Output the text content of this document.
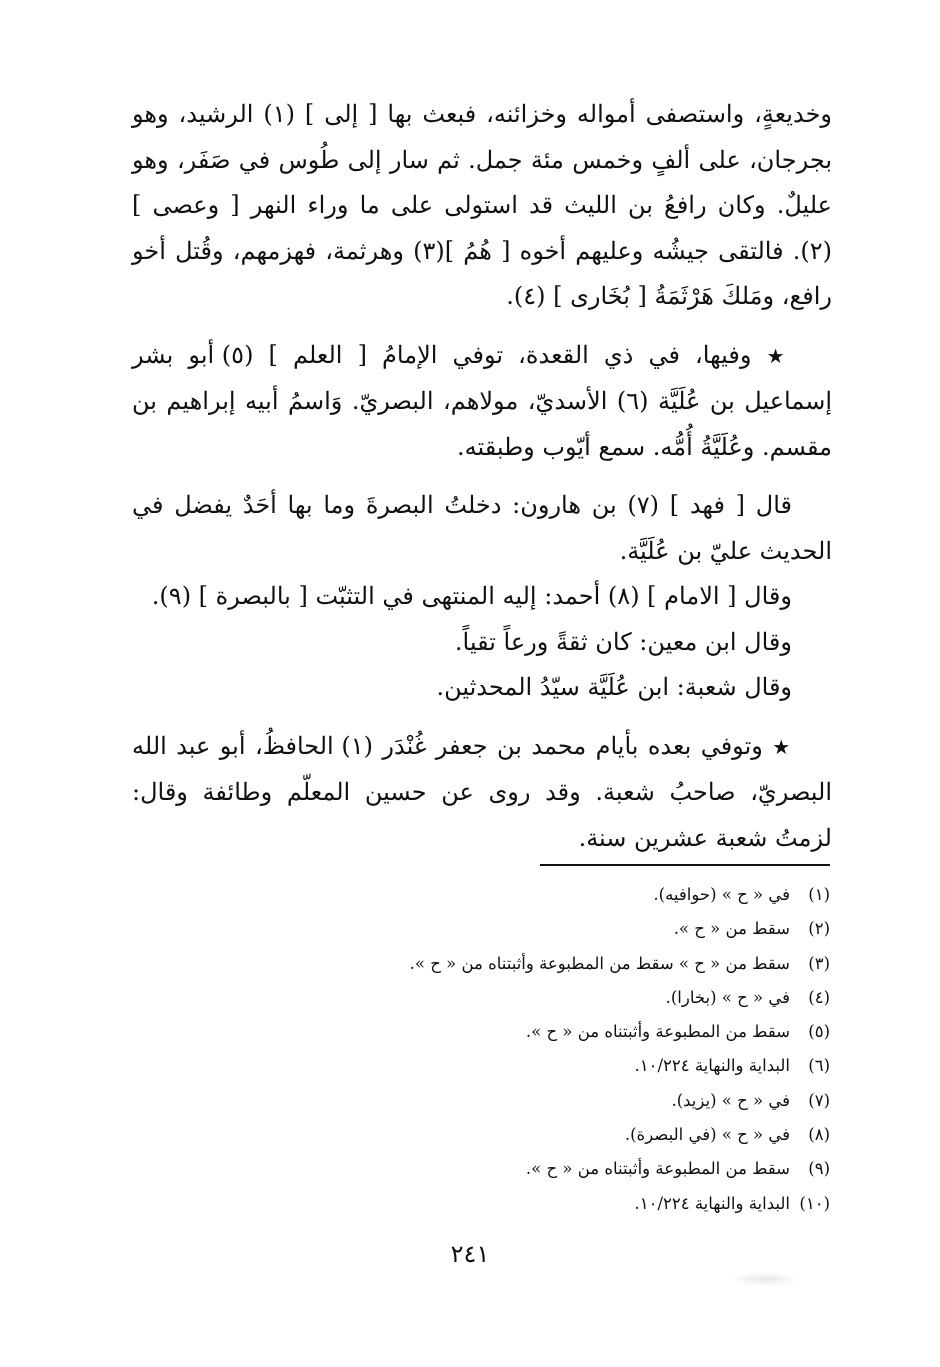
وخديعةٍ، واستصفى أمواله وخزائنه، فبعث بها [ إلى ] (١) الرشيد، وهو بجرجان، على ألفٍ وخمس مئة جمل. ثم سار إلى طُوس في صَفَر، وهو عليلٌ. وكان رافعُ بن الليث قد استولى على ما وراء النهر [ وعصى ] (٢). فالتقى جيشُه وعليهم أخوه [ هُمُ ](٣) وهرثمة، فهزمهم، وقُتل أخو رافع، ومَلكَ هَرْثَمَةُ [ بُخَارى ] (٤).

★ وفيها، في ذي القعدة، توفي الإمامُ [ العلم ] (٥) أبو بشر إسماعيل بن عُلَيَّة (٦) الأسديّ، مولاهم، البصريّ. وَاسمُ أبيه إبراهيم بن مقسم. وعُلَيَّةُ أُمُّه. سمع أيّوب وطبقته.

قال [ فهد ] (٧) بن هارون: دخلتُ البصرةَ وما بها أحَدٌ يفضل في الحديث عليّ بن عُلَيَّة.

وقال [ الامام ] (٨) أحمد: إليه المنتهى في التثبّت [ بالبصرة ] (٩).

وقال ابن معين: كان ثقةً ورعاً تقياً.

وقال شعبة: ابن عُلَيَّة سيّدُ المحدثين.

★ وتوفي بعده بأيام محمد بن جعفر غُنْدَر (١) الحافظُ، أبو عبد الله البصريّ، صاحبُ شعبة. وقد روى عن حسين المعلّم وطائفة وقال: لزمتُ شعبة عشرين سنة.

(١)في « ح » (حوافيه).
(٢)سقط من « ح ».
(٣)سقط من « ح » سقط من المطبوعة وأثبتناه من « ح ».
(٤)في « ح » (بخارا).
(٥)سقط من المطبوعة وأثبتناه من « ح ».
(٦)البداية والنهاية ١٠/٢٢٤.
(٧)في « ح » (يزيد).
(٨)في « ح » (في البصرة).
(٩)سقط من المطبوعة وأثبتناه من « ح ».
(١٠)البداية والنهاية ١٠/٢٢٤.
٢٤١
